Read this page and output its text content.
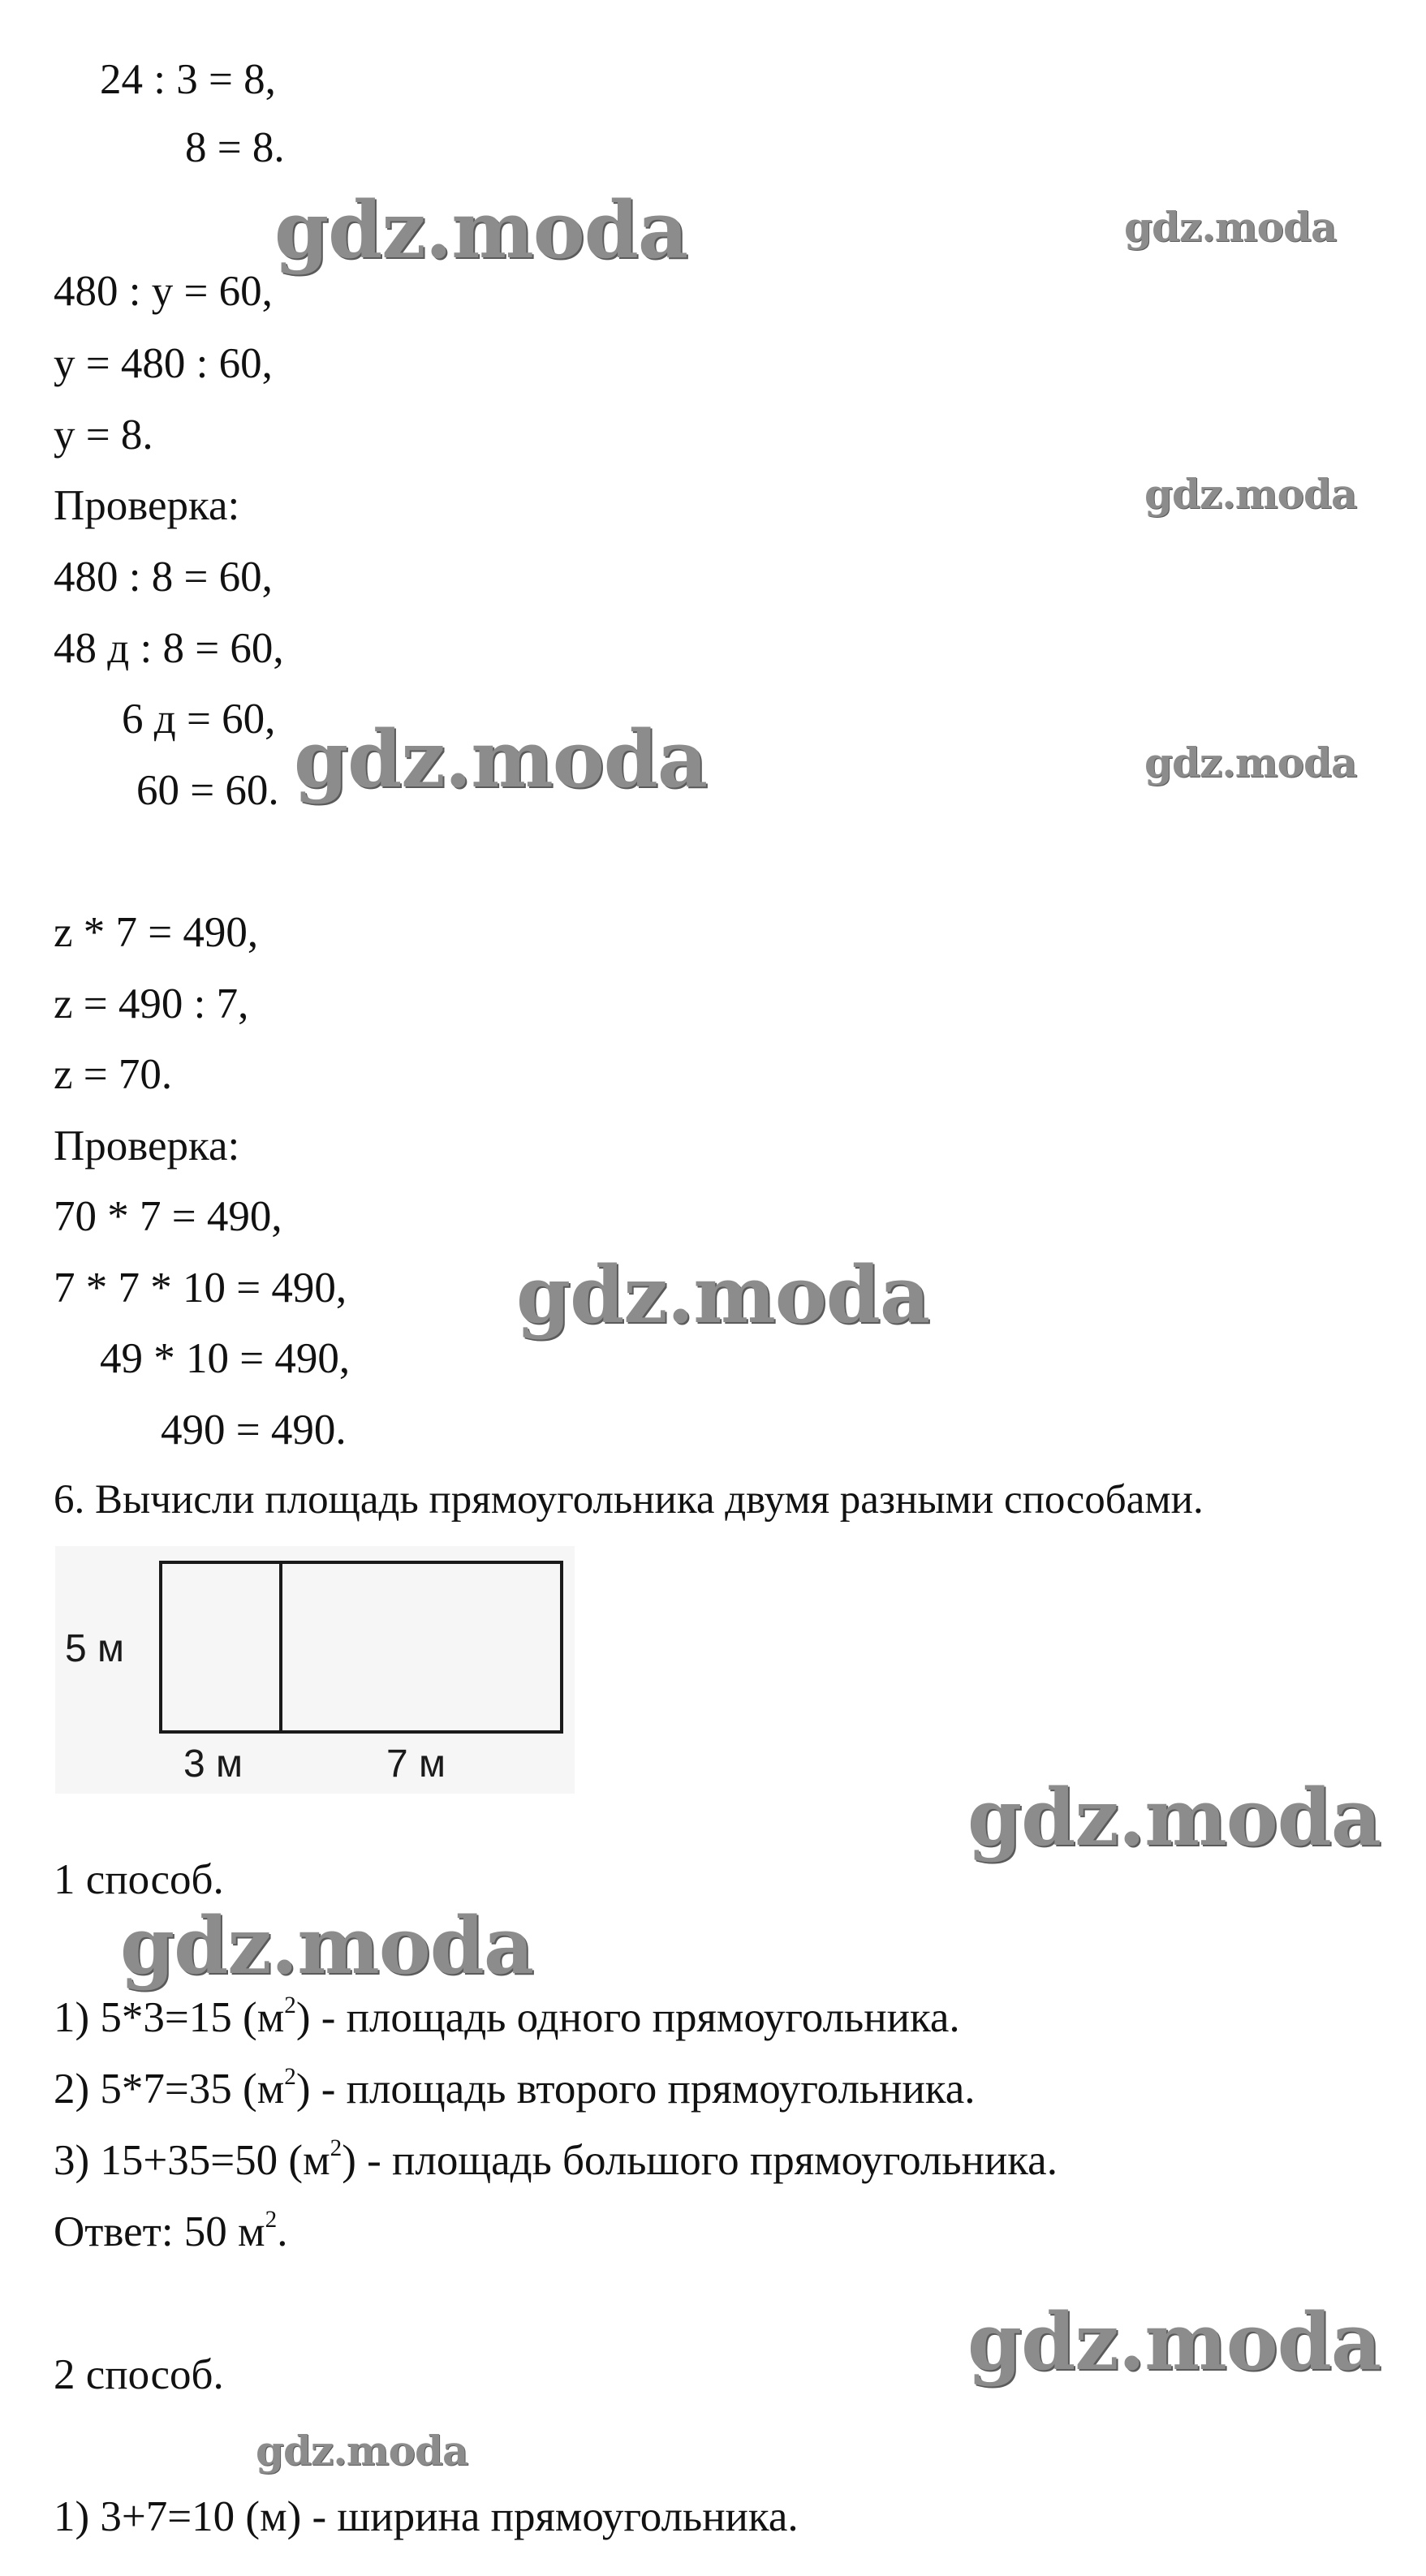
24 : 3 = 8,
8 = 8.
480 : y = 60,
y = 480 : 60,
y = 8.
Проверка:
480 : 8 = 60,
48 д : 8 = 60,
6 д = 60,
60 = 60.
z * 7 = 490,
z = 490 : 7,
z = 70.
Проверка:
70 * 7 = 490,
7 * 7 * 10 = 490,
49 * 10 = 490,
490 = 490.
6. Вычисли площадь прямоугольника двумя разными способами.
5 м
3 м	7 м
1 способ.
1) 5*3=15 $(м^2)$ - площадь одного прямоугольника.
2) 5*7=35 $(м^2)$ - площадь второго прямоугольника.
3) 15+35=50 $(м^2)$ - площадь большого прямоугольника.
Ответ: 50 $м^2$.
2 способ.
1) 3+7=10 (м) - ширина прямоугольника.
gdz.moda	gdz.moda
gdz.moda
gdz.moda	gdz.moda
gdz.moda
gdz.moda
gdz.moda
gdz.moda
gdz.moda
